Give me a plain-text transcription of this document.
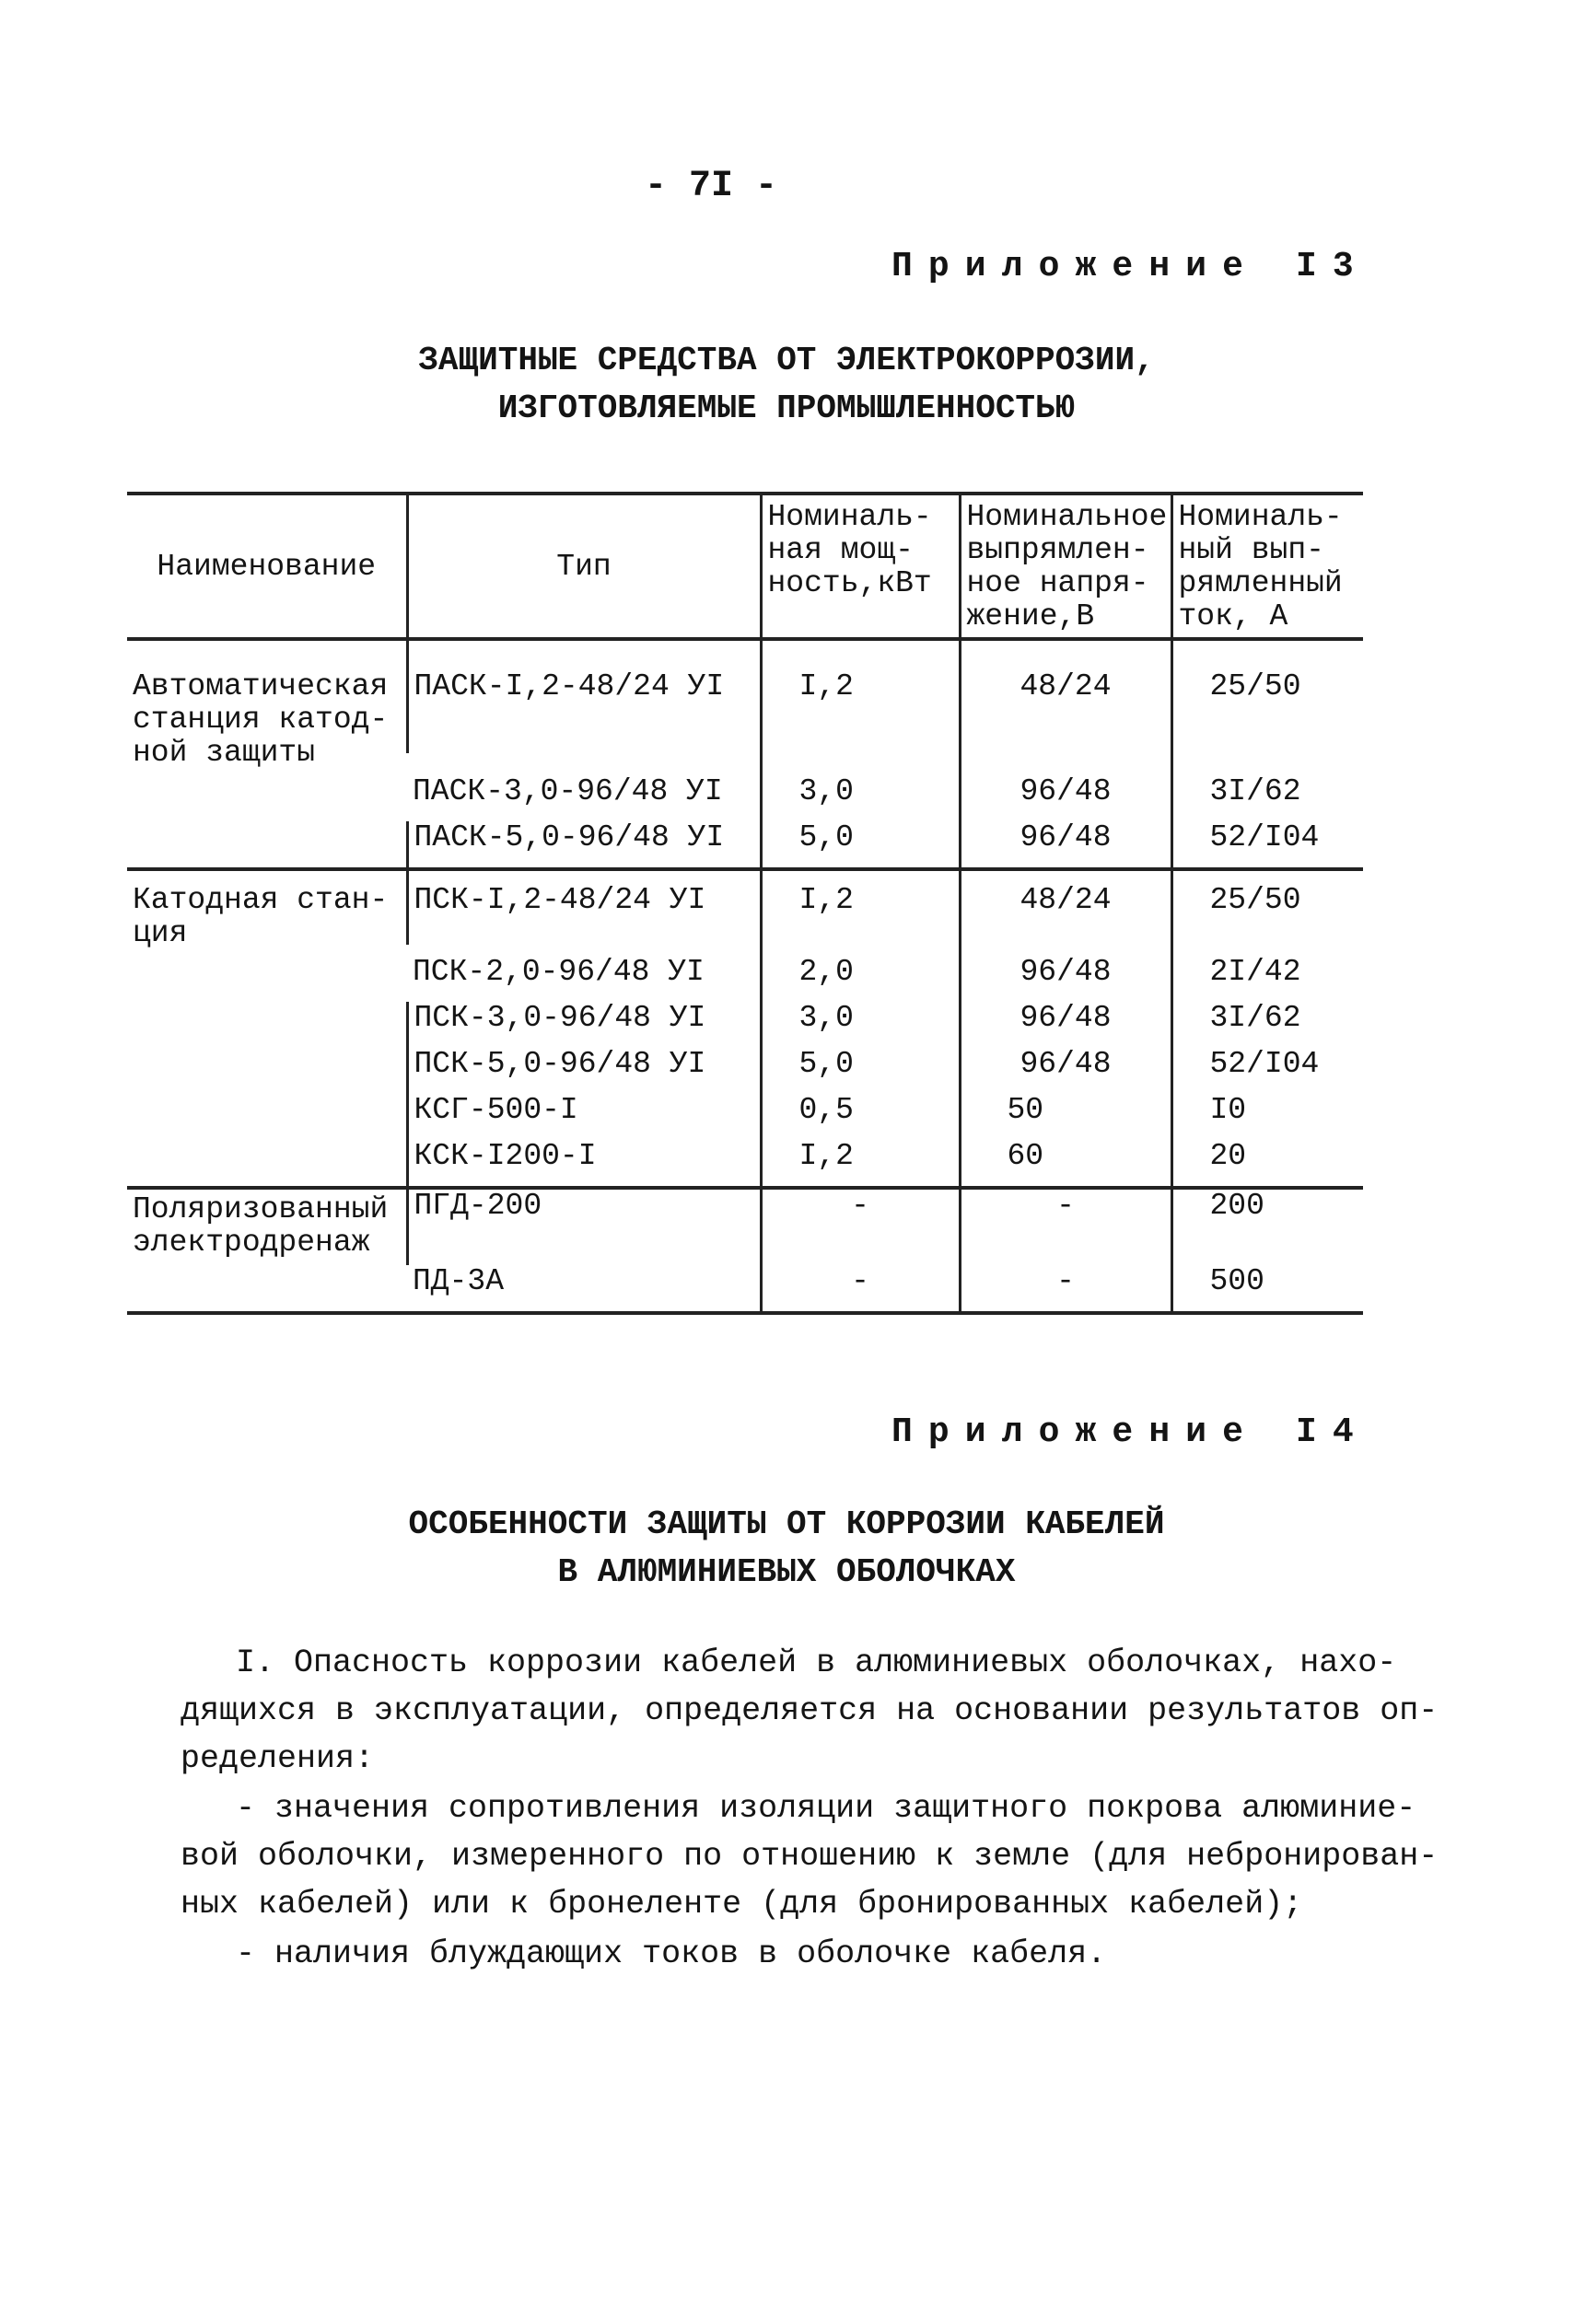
- 7I -
Приложение I3
ЗАЩИТНЫЕ СРЕДСТВА ОТ ЭЛЕКТРОКОРРОЗИИ,
ИЗГОТОВЛЯЕМЫЕ ПРОМЫШЛЕННОСТЬЮ
Наименование	Тип	Номиналь- ная мощ- ность,кВт	Номинальное выпрямлен- ное напря- жение,В	Номиналь- ный вып- рямленный ток, А
Автоматическая станция катод- ной защиты	ПАСК-I,2-48/24 УI	I,2	48/24	25/50
	ПАСК-3,0-96/48 УI	3,0	96/48	3I/62
	ПАСК-5,0-96/48 УI	5,0	96/48	52/I04
Катодная стан- ция	ПСК-I,2-48/24 УI	I,2	48/24	25/50
	ПСК-2,0-96/48 УI	2,0	96/48	2I/42
	ПСК-3,0-96/48 УI	3,0	96/48	3I/62
	ПСК-5,0-96/48 УI	5,0	96/48	52/I04
	КСГ-500-I	0,5	50	I0
	КСК-I200-I	I,2	60	20
Поляризованный электродренаж	ПГД-200	-	-	200
	ПД-3А	-	-	500
Приложение I4
ОСОБЕННОСТИ ЗАЩИТЫ ОТ КОРРОЗИИ КАБЕЛЕЙ
В АЛЮМИНИЕВЫХ ОБОЛОЧКАХ
I. Опасность коррозии кабелей в алюминиевых оболочках, нахо-
дящихся в эксплуатации, определяется на основании результатов оп-
ределения:
- значения сопротивления изоляции защитного покрова алюминие-
вой оболочки, измеренного по отношению к земле (для небронирован-
ных кабелей) или к бронеленте (для бронированных кабелей);
- наличия блуждающих токов в оболочке кабеля.
